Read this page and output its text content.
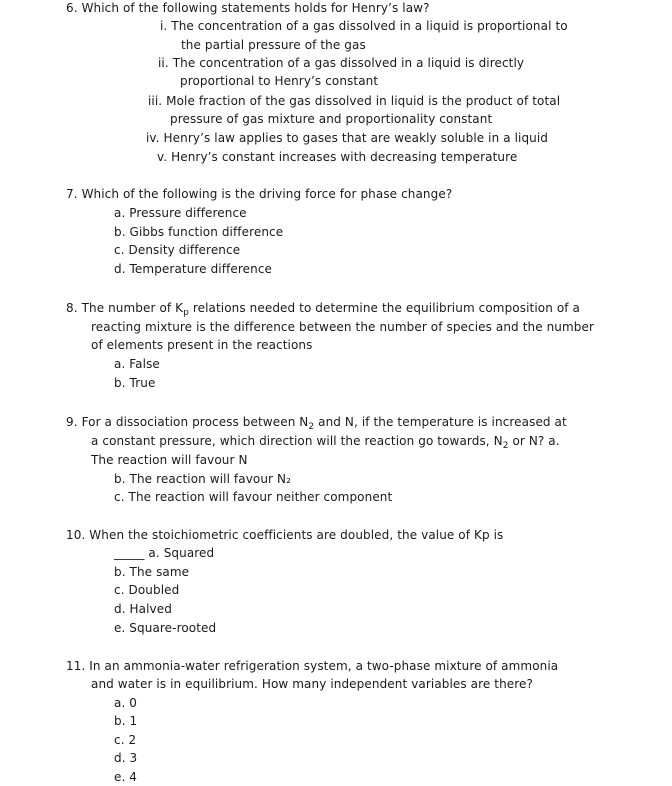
6. Which of the following statements holds for Henry’s law?
i. The concentration of a gas dissolved in a liquid is proportional to
the partial pressure of the gas
ii. The concentration of a gas dissolved in a liquid is directly
proportional to Henry’s constant
iii. Mole fraction of the gas dissolved in liquid is the product of total
pressure of gas mixture and proportionality constant
iv. Henry’s law applies to gases that are weakly soluble in a liquid
v. Henry’s constant increases with decreasing temperature
7. Which of the following is the driving force for phase change?
a. Pressure difference
b. Gibbs function difference
c. Density difference
d. Temperature difference
8. The number of $K_p$ relations needed to determine the equilibrium composition of a
reacting mixture is the difference between the number of species and the number
of elements present in the reactions
a. False
b. True
9. For a dissociation process between $N_2$ and N, if the temperature is increased at
a constant pressure, which direction will the reaction go towards, $N_2$ or N? a.
The reaction will favour N
b. The reaction will favour N₂
c. The reaction will favour neither component
10. When the stoichiometric coefficients are doubled, the value of Kp is
_____ a. Squared
b. The same
c. Doubled
d. Halved
e. Square-rooted
11. In an ammonia-water refrigeration system, a two-phase mixture of ammonia
and water is in equilibrium. How many independent variables are there?
a. 0
b. 1
c. 2
d. 3
e. 4
